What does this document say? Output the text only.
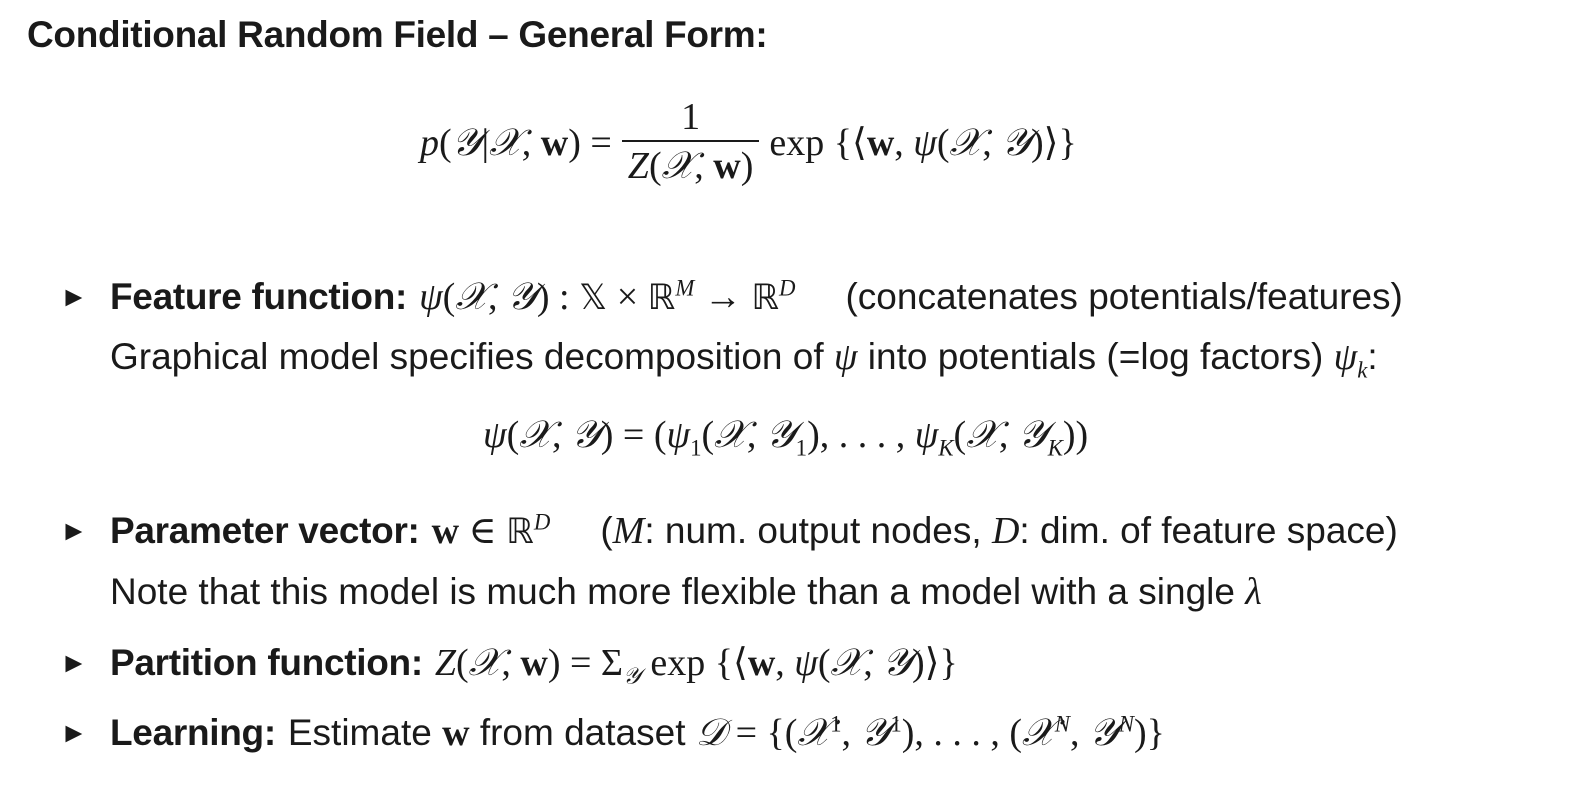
Conditional Random Field – General Form:
p(𝒴|𝒳, $w) = \frac{1}{\text{Z(𝒳, w)}}$ exp {⟨w, ψ(𝒳, 𝒴)⟩}
► Feature function: ψ(𝒳, 𝒴) : 𝕏 × ℝ$^M$ → ℝ$^D$ (concatenates potentials/features)
Graphical model specifies decomposition of ψ into potentials (=log factors) $\psi_k$:
ψ(𝒳, 𝒴) = ($\psi_1(𝒳$, 𝒴$_1$), . . . , $\psi_K(𝒳$, 𝒴$_K$))
► Parameter vector: w ∈ ℝ$^D$ (M: num. output nodes, D: dim. of feature space)
Note that this model is much more flexible than a model with a single λ
► Partition function: Z(𝒳, $w) = \Sigma_𝒴$ exp {⟨w, ψ(𝒳, 𝒴)⟩}
► Learning: Estimate
w
from dataset
𝒟 = {(𝒳$^1$, 𝒴$^1$), . . . , (𝒳$^N$, 𝒴$^N$)}
